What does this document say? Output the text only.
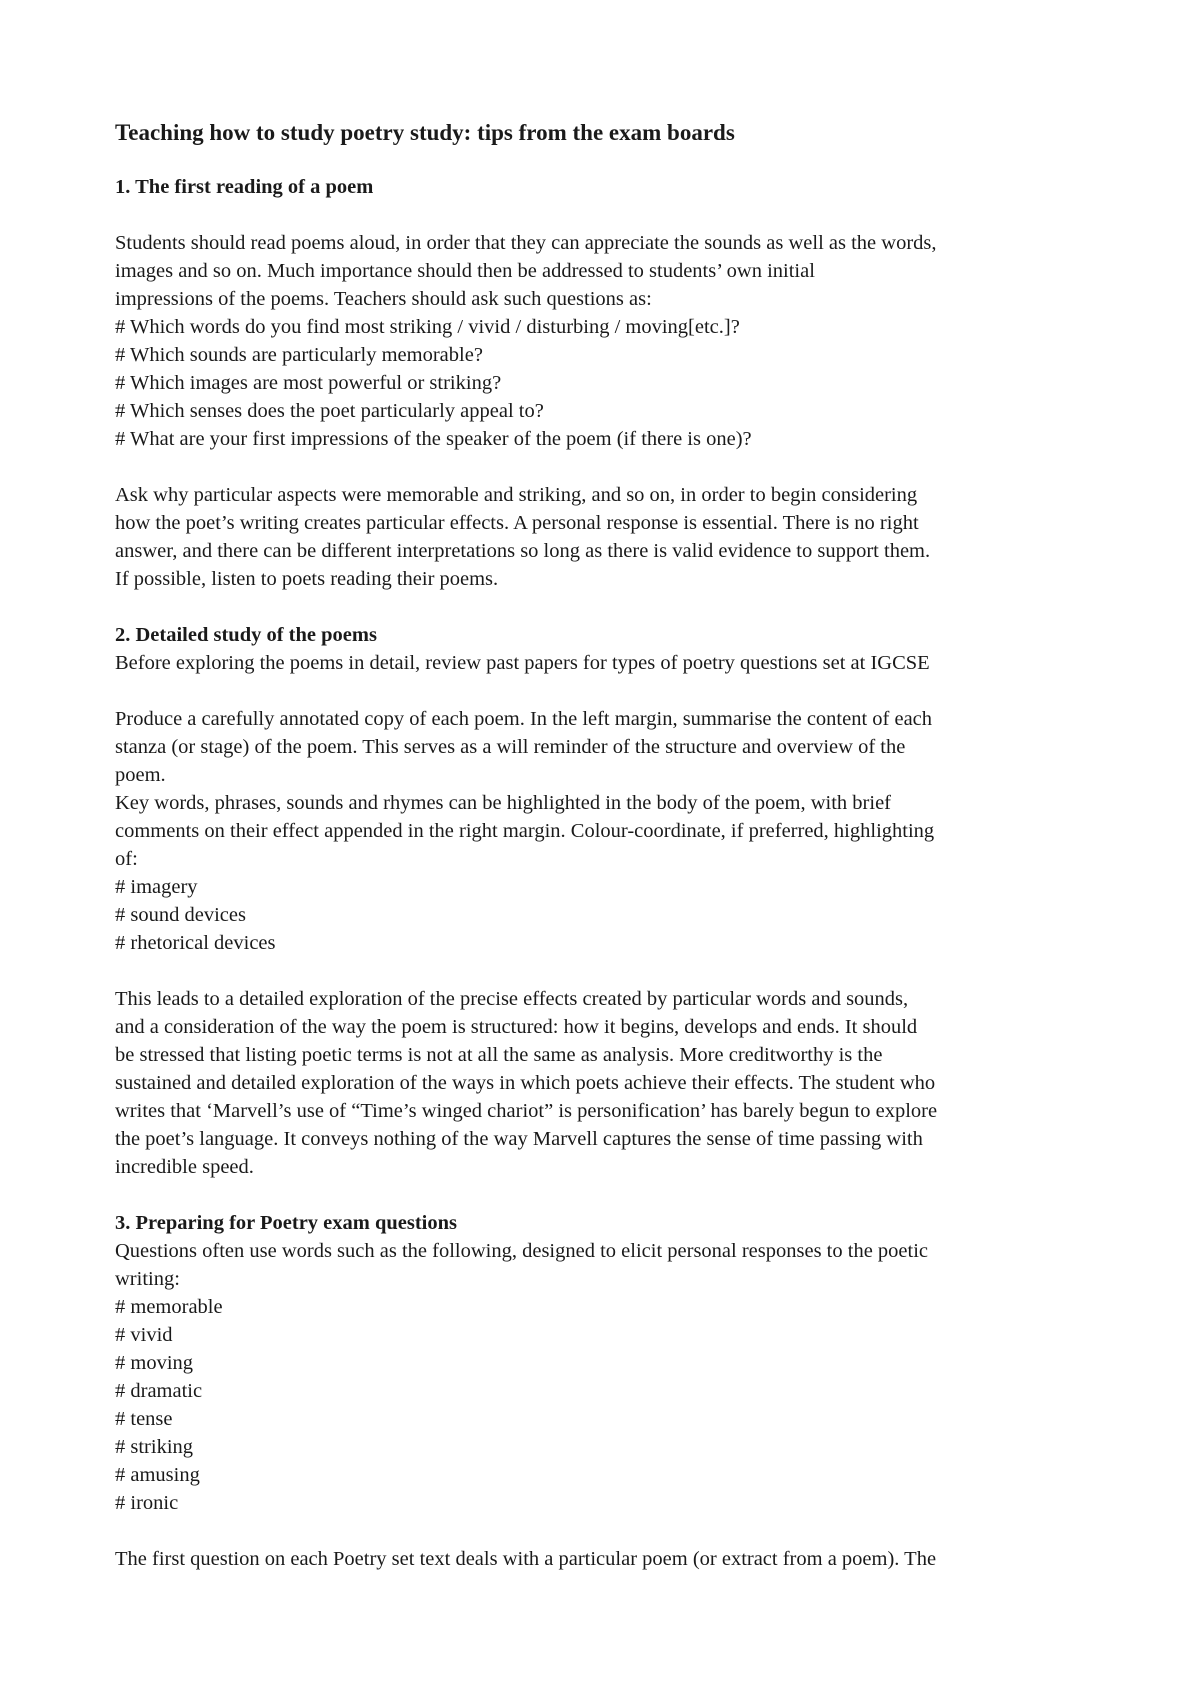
Teaching how to study poetry study: tips from the exam boards

1. The first reading of a poem

Students should read poems aloud, in order that they can appreciate the sounds as well as the words,
images and so on. Much importance should then be addressed to students’ own initial
impressions of the poems. Teachers should ask such questions as:
# Which words do you find most striking / vivid / disturbing / moving[etc.]?
# Which sounds are particularly memorable?
# Which images are most powerful or striking?
# Which senses does the poet particularly appeal to?
# What are your first impressions of the speaker of the poem (if there is one)?

Ask why particular aspects were memorable and striking, and so on, in order to begin considering
how the poet’s writing creates particular effects. A personal response is essential. There is no right
answer, and there can be different interpretations so long as there is valid evidence to support them.
If possible, listen to poets reading their poems.

2. Detailed study of the poems

Before exploring the poems in detail, review past papers for types of poetry questions set at IGCSE

Produce a carefully annotated copy of each poem. In the left margin, summarise the content of each
stanza (or stage) of the poem. This serves as a will reminder of the structure and overview of the
poem.
Key words, phrases, sounds and rhymes can be highlighted in the body of the poem, with brief
comments on their effect appended in the right margin. Colour-coordinate, if preferred, highlighting
of:
# imagery
# sound devices
# rhetorical devices

This leads to a detailed exploration of the precise effects created by particular words and sounds,
and a consideration of the way the poem is structured: how it begins, develops and ends. It should
be stressed that listing poetic terms is not at all the same as analysis. More creditworthy is the
sustained and detailed exploration of the ways in which poets achieve their effects. The student who
writes that ‘Marvell’s use of “Time’s winged chariot” is personification’ has barely begun to explore
the poet’s language. It conveys nothing of the way Marvell captures the sense of time passing with
incredible speed.

3. Preparing for Poetry exam questions

Questions often use words such as the following, designed to elicit personal responses to the poetic
writing:
# memorable
# vivid
# moving
# dramatic
# tense
# striking
# amusing
# ironic

The first question on each Poetry set text deals with a particular poem (or extract from a poem). The
